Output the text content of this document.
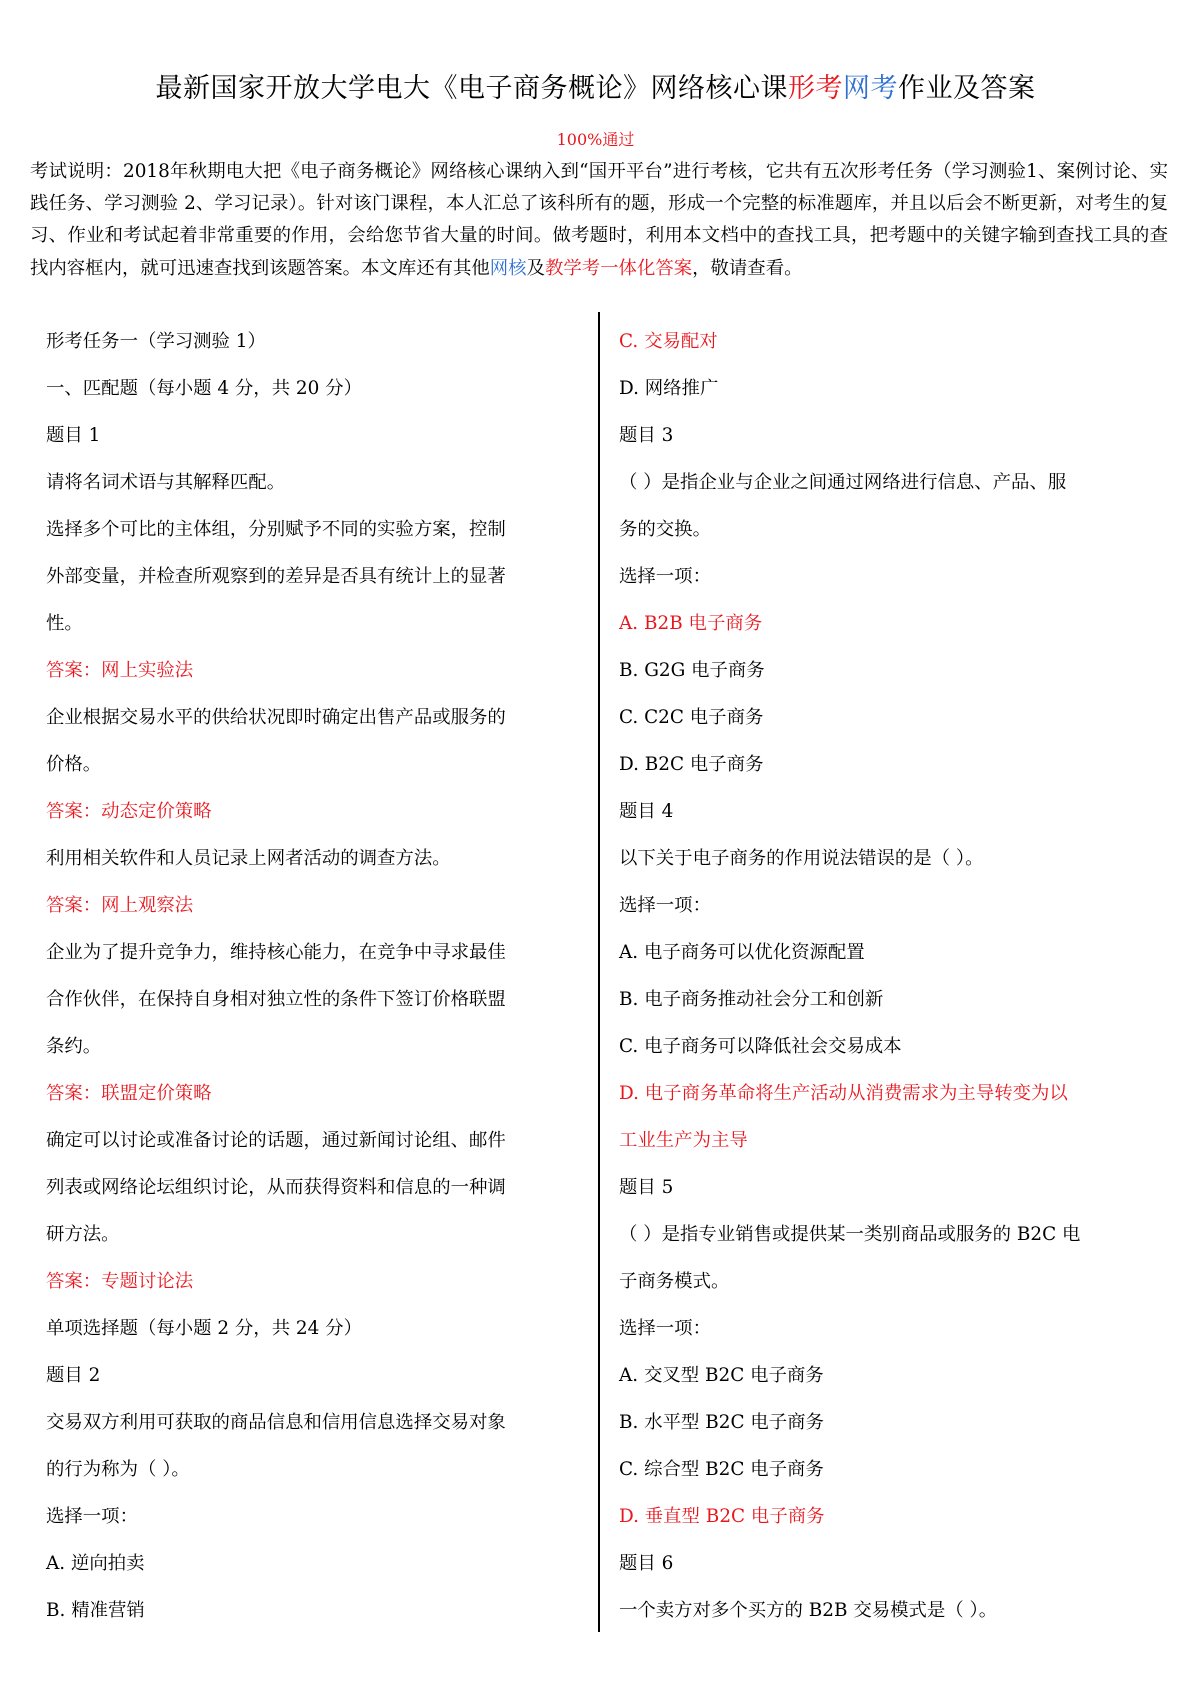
最新国家开放大学电大《电子商务概论》网络核心课形考网考作业及答案
100%通过
考试说明：2018年秋期电大把《电子商务概论》网络核心课纳入到“国开平台”进行考核，它共有五次形考任务（学习测验1、案例讨论、实践任务、学习测验 2、学习记录）。针对该门课程，本人汇总了该科所有的题，形成一个完整的标准题库，并且以后会不断更新，对考生的复习、作业和考试起着非常重要的作用，会给您节省大量的时间。做考题时，利用本文档中的查找工具，把考题中的关键字输到查找工具的查找内容框内，就可迅速查找到该题答案。本文库还有其他网核及教学考一体化答案，敬请查看。
形考任务一（学习测验 1）
一、匹配题（每小题 4 分，共 20 分）
题目 1
请将名词术语与其解释匹配。
选择多个可比的主体组，分别赋予不同的实验方案，控制
外部变量，并检查所观察到的差异是否具有统计上的显著
性。
答案：网上实验法
企业根据交易水平的供给状况即时确定出售产品或服务的
价格。
答案：动态定价策略
利用相关软件和人员记录上网者活动的调查方法。
答案：网上观察法
企业为了提升竞争力，维持核心能力，在竞争中寻求最佳
合作伙伴，在保持自身相对独立性的条件下签订价格联盟
条约。
答案：联盟定价策略
确定可以讨论或准备讨论的话题，通过新闻讨论组、邮件
列表或网络论坛组织讨论，从而获得资料和信息的一种调
研方法。
答案：专题讨论法
单项选择题（每小题 2 分，共 24 分）
题目 2
交易双方利用可获取的商品信息和信用信息选择交易对象
的行为称为（ ）。
选择一项：
A. 逆向拍卖
B. 精准营销
C. 交易配对
D. 网络推广
题目 3
（ ）是指企业与企业之间通过网络进行信息、产品、服
务的交换。
选择一项：
A. B2B 电子商务
B. G2G 电子商务
C. C2C 电子商务
D. B2C 电子商务
题目 4
以下关于电子商务的作用说法错误的是（ ）。
选择一项：
A. 电子商务可以优化资源配置
B. 电子商务推动社会分工和创新
C. 电子商务可以降低社会交易成本
D. 电子商务革命将生产活动从消费需求为主导转变为以
工业生产为主导
题目 5
（ ）是指专业销售或提供某一类别商品或服务的 B2C 电
子商务模式。
选择一项：
A. 交叉型 B2C 电子商务
B. 水平型 B2C 电子商务
C. 综合型 B2C 电子商务
D. 垂直型 B2C 电子商务
题目 6
一个卖方对多个买方的 B2B 交易模式是（ ）。
